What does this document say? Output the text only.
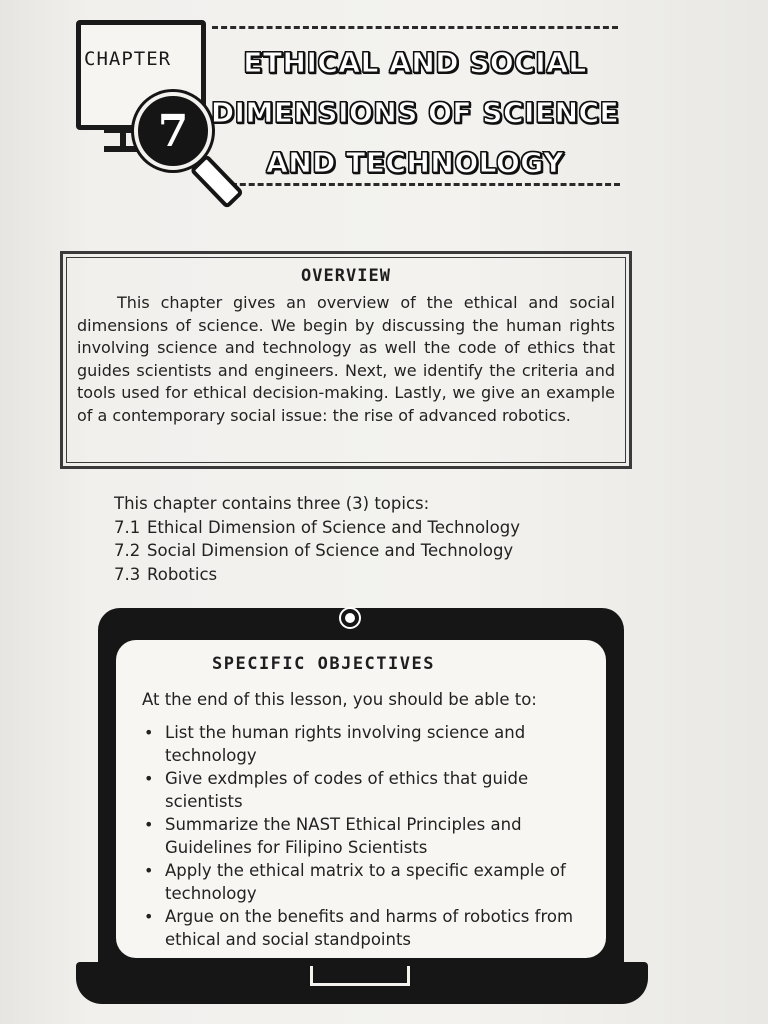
CHAPTER
7
ETHICAL AND SOCIAL
DIMENSIONS OF SCIENCE
AND TECHNOLOGY

OVERVIEW

This chapter gives an overview of the ethical and social dimensions of science. We begin by discussing the human rights involving science and technology as well the code of ethics that guides scientists and engineers. Next, we identify the criteria and tools used for ethical decision-making. Lastly, we give an example of a contemporary social issue: the rise of advanced robotics.

This chapter contains three (3) topics:
7.1 Ethical Dimension of Science and Technology
7.2 Social Dimension of Science and Technology
7.3 Robotics

SPECIFIC OBJECTIVES

At the end of this lesson, you should be able to:

• List the human rights involving science and technology
• Give exdmples of codes of ethics that guide scientists
• Summarize the NAST Ethical Principles and Guidelines for Filipino Scientists
• Apply the ethical matrix to a specific example of technology
• Argue on the benefits and harms of robotics from ethical and social standpoints
